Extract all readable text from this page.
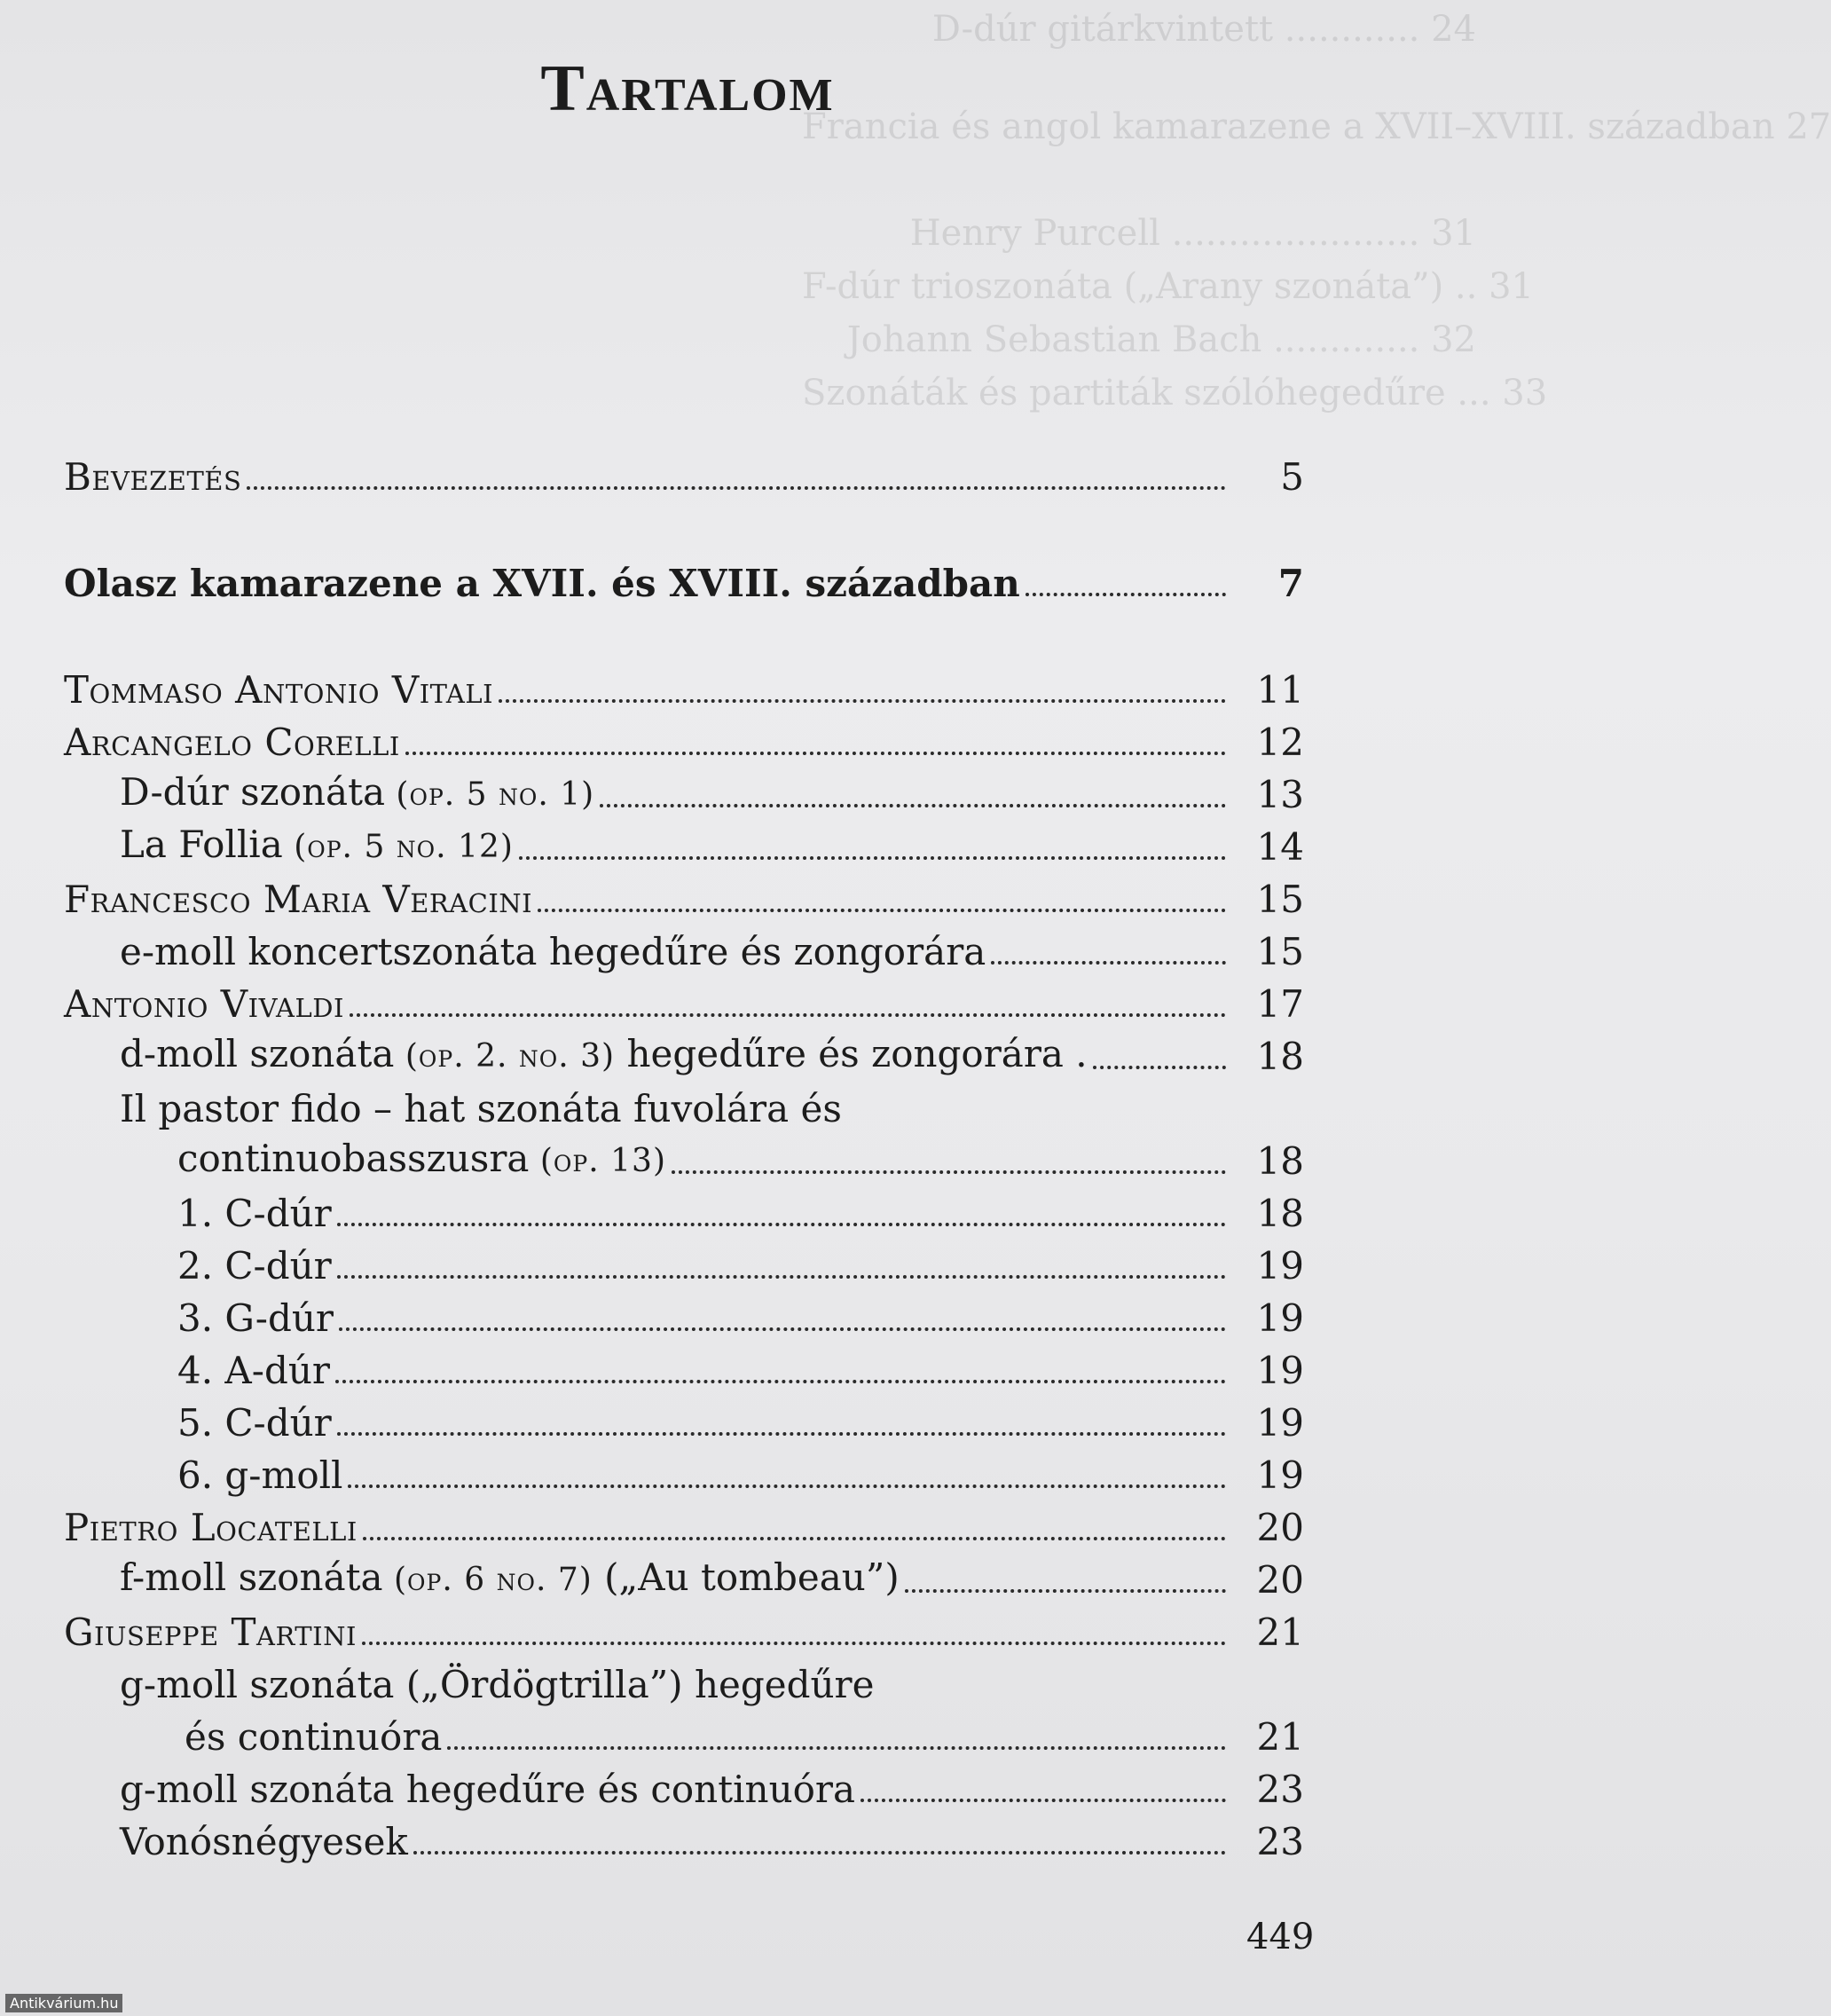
D-dúr gitárkvintett ............ 24
Francia és angol kamarazene a XVII–XVIII. században 27
Henry Purcell ...................... 31
F-dúr trioszonáta („Arany szonáta”) .. 31
Johann Sebastian Bach ............. 32
Szonáták és partiták szólóhegedűre ... 33
Tartalom
Bevezetés	5
Olasz kamarazene a XVII. és XVIII. században	7
Tommaso Antonio Vitali	11
Arcangelo Corelli	12
D-dúr szonáta (op. 5 no. 1)	13
La Follia (op. 5 no. 12)	14
Francesco Maria Veracini	15
e-moll koncertszonáta hegedűre és zongorára	15
Antonio Vivaldi	17
d-moll szonáta (op. 2. no. 3) hegedűre és zongorára .	18
Il pastor fido – hat szonáta fuvolára és
continuobasszusra (op. 13)	18
1. C-dúr	18
2. C-dúr	19
3. G-dúr	19
4. A-dúr	19
5. C-dúr	19
6. g-moll	19
Pietro Locatelli	20
f-moll szonáta (op. 6 no. 7) („Au tombeau”)	20
Giuseppe Tartini	21
g-moll szonáta („Ördögtrilla”) hegedűre
és continuóra	21
g-moll szonáta hegedűre és continuóra	23
Vonósnégyesek	23
449
Antikvárium.hu
